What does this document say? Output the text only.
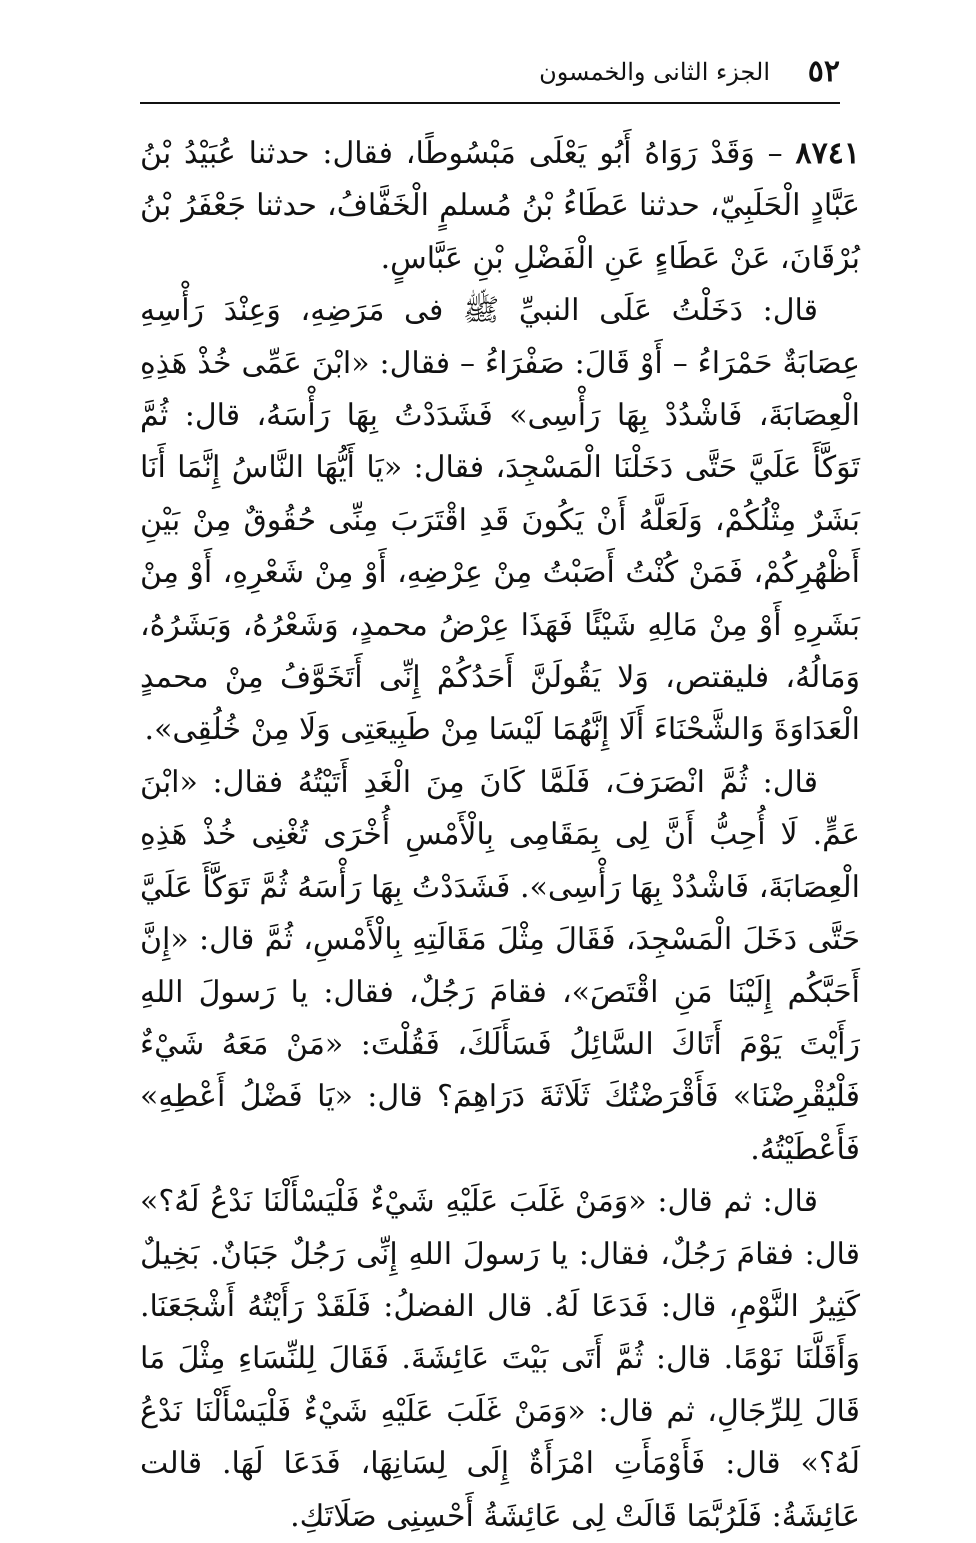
٥٢
الجزء الثانى والخمسون

٨٧٤١ – وَقَدْ رَوَاهُ أَبُو يَعْلَى مَبْسُوطًا، فقال: حدثنا عُبَيْدُ بْنُ عَبَّادٍ الْحَلَبِيّ، حدثنا عَطَاءُ بْنُ مُسلمٍ الْخَفَّافُ، حدثنا جَعْفَرُ بْنُ بُرْقَانَ، عَنْ عَطَاءٍ عَنِ الْفَضْلِ بْنِ عَبَّاسٍ.

قال: دَخَلْتُ عَلَى النبيِّ ﷺ فى مَرَضِهِ، وَعِنْدَ رَأْسِهِ عِصَابَةٌ حَمْرَاءُ – أَوْ قَالَ: صَفْرَاءُ – فقال: «ابْنَ عَمِّى خُذْ هَذِهِ الْعِصَابَةَ، فَاشْدُدْ بِهَا رَأْسِى» فَشَدَدْتُ بِهَا رَأْسَهُ، قال: ثُمَّ تَوَكَّأَ عَلَيَّ حَتَّى دَخَلْنَا الْمَسْجِدَ، فقال: «يَا أَيُّهَا النَّاسُ إِنَّمَا أَنَا بَشَرٌ مِثْلُكُمْ، وَلَعَلَّهُ أَنْ يَكُونَ قَدِ اقْتَرَبَ مِنِّى حُقُوقٌ مِنْ بَيْنِ أَظْهُرِكُمْ، فَمَنْ كُنْتُ أَصَبْتُ مِنْ عِرْضِهِ، أَوْ مِنْ شَعْرِهِ، أَوْ مِنْ بَشَرِهِ أَوْ مِنْ مَالِهِ شَيْئًا فَهَذَا عِرْضُ محمدٍ، وَشَعْرُهُ، وَبَشَرُهُ، وَمَالُهُ، فليقتص، وَلا يَقُولَنَّ أَحَدُكُمْ إِنِّى أَتَخَوَّفُ مِنْ محمدٍ الْعَدَاوَةَ وَالشَّحْنَاءَ أَلَا إِنَّهُمَا لَيْسَا مِنْ طَبِيعَتِى وَلَا مِنْ خُلُقِى».

قال: ثُمَّ انْصَرَفَ، فَلَمَّا كَانَ مِنَ الْغَدِ أَتَيْتُهُ فقال: «ابْنَ عَمٍّ. لَا أُحِبُّ أَنَّ لِى بِمَقَامِى بِالْأَمْسِ أُخْرَى تُغْنِى خُذْ هَذِهِ الْعِصَابَةَ، فَاشْدُدْ بِهَا رَأْسِى». فَشَدَدْتُ بِهَا رَأْسَهُ ثُمَّ تَوَكَّأَ عَلَيَّ حَتَّى دَخَلَ الْمَسْجِدَ، فَقَالَ مِثْلَ مَقَالَتِهِ بِالْأَمْسِ، ثُمَّ قال: «إِنَّ أَحَبَّكُم إِلَيْنَا مَنِ اقْتَصَ»، فقامَ رَجُلٌ، فقال: يا رَسولَ اللهِ رَأَيْتَ يَوْمَ أَتَاكَ السَّائِلُ فَسَأَلَكَ، فَقُلْتَ: «مَنْ مَعَهُ شَيْءٌ فَلْيُقْرِضْنَا» فَأَقْرَضْتُكَ ثَلَاثَةَ دَرَاهِمَ؟ قال: «يَا فَضْلُ أَعْطِهِ» فَأَعْطَيْتُهُ.

قال: ثم قال: «وَمَنْ غَلَبَ عَلَيْهِ شَيْءٌ فَلْيَسْأَلْنَا نَدْعُ لَهُ؟» قال: فقامَ رَجُلٌ، فقال: يا رَسولَ اللهِ إِنِّى رَجُلٌ جَبَانٌ. بَخِيلٌ كَثِيرُ النَّوْمِ، قال: فَدَعَا لَهُ. قال الفضلُ: فَلَقَدْ رَأَيْتُهُ أَشْجَعَنَا. وَأَقَلَّنَا نَوْمًا. قال: ثُمَّ أَتَى بَيْتَ عَائِشَةَ. فَقَالَ لِلنِّسَاءِ مِثْلَ مَا قَالَ لِلرِّجَالِ، ثم قال: «وَمَنْ غَلَبَ عَلَيْهِ شَيْءٌ فَلْيَسْأَلْنَا نَدْعُ لَهُ؟» قال: فَأَوْمَأَتِ امْرَأَةٌ إِلَى لِسَانِهَا، فَدَعَا لَهَا. قالت عَائِشَةُ: فَلَرُبَّمَا قَالَتْ لِى عَائِشَةُ أَحْسِنِى صَلَاتَكِ.
